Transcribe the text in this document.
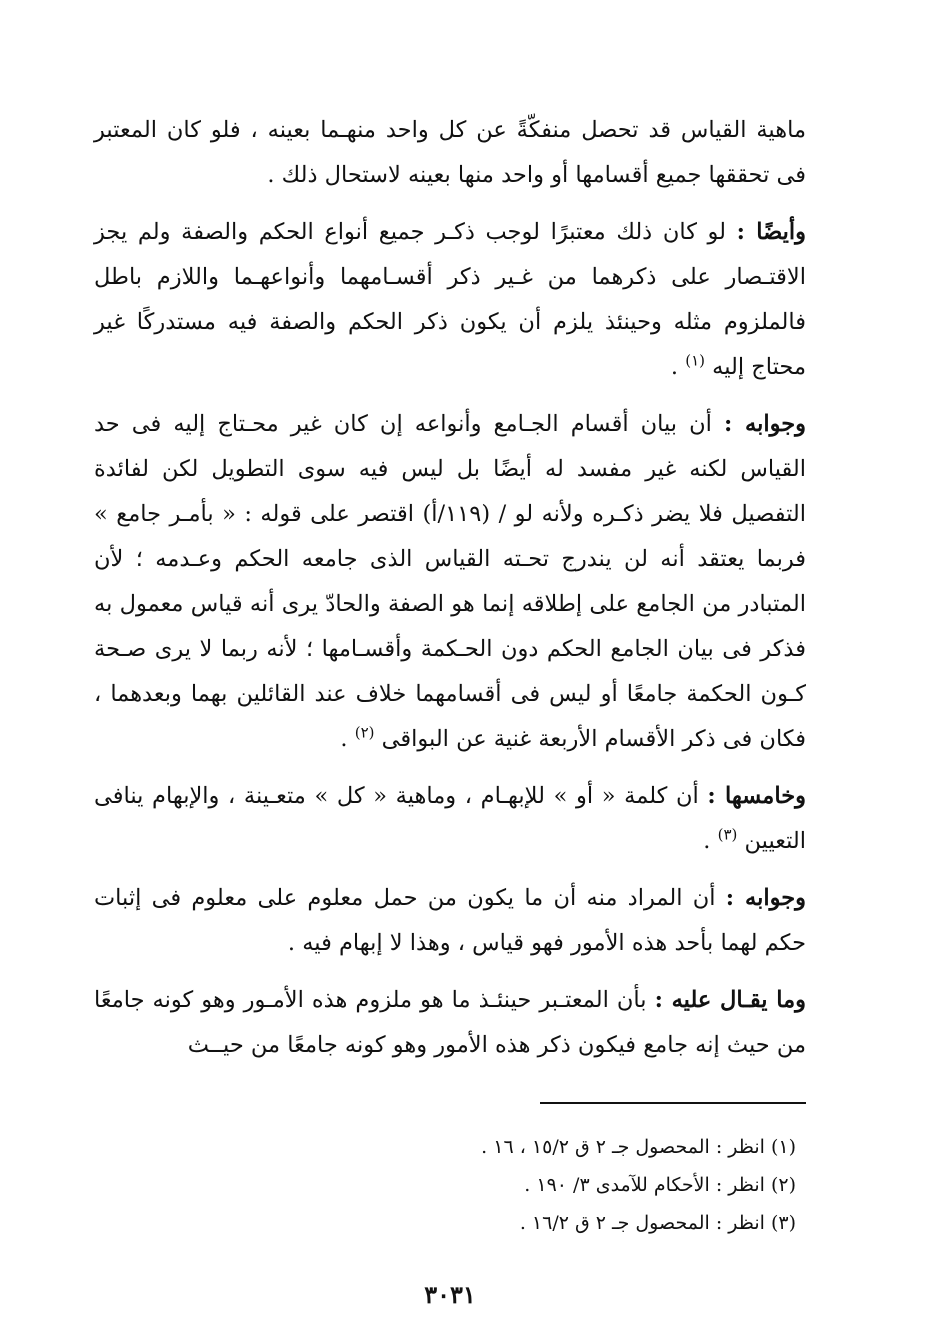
ماهية القياس قد تحصل منفكّةً عن كل واحد منهـما بعينه ، فلو كان المعتبر فى تحققها جميع أقسامها أو واحد منها بعينه لاستحال ذلك .

وأيضًا : لو كان ذلك معتبرًا لوجب ذكـر جميع أنواع الحكم والصفة ولم يجز الاقتـصار على ذكرهما من غـير ذكر أقسـامهما وأنواعهـما واللازم باطل فالملزوم مثله وحينئذ يلزم أن يكون ذكر الحكم والصفة فيه مستدركًا غير محتاج إليه $^{(١)}$ .

وجوابه : أن بيان أقسام الجـامع وأنواعه إن كان غير محـتاج إليه فى حد القياس لكنه غير مفسد له أيضًا بل ليس فيه سوى التطويل لكن لفائدة التفصيل فلا يضر ذكـره ولأنه لو / (١١٩/أ) اقتصر على قوله : « بأمـر جامع » فربما يعتقد أنه لن يندرج تحـته القياس الذى جامعه الحكم وعـدمه ؛ لأن المتبادر من الجامع على إطلاقه إنما هو الصفة والحادّ يرى أنه قياس معمول به فذكر فى بيان الجامع الحكم دون الحـكمة وأقسـامها ؛ لأنه ربما لا يرى صـحة كـون الحكمة جامعًا أو ليس فى أقسامهما خلاف عند القائلين بهما وبعدهما ، فكان فى ذكر الأقسام الأربعة غنية عن البواقى $^{(٢)}$ .

وخامسها : أن كلمة « أو » للإبهـام ، وماهية « كل » متعـينة ، والإبهام ينافى التعيين $^{(٣)}$ .

وجوابه : أن المراد منه أن ما يكون من حمل معلوم على معلوم فى إثبات حكم لهما بأحد هذه الأمور فهو قياس ، وهذا لا إبهام فيه .

وما يقـال عليه : بأن المعتـبر حينئـذ ما هو ملزوم هذه الأمـور وهو كونه جامعًا من حيث إنه جامع فيكون ذكر هذه الأمور وهو كونه جامعًا من حيــث

(١) انظر : المحصول جـ ٢ ق ١٥/٢ ، ١٦ .

(٢) انظر : الأحكام للآمدى ٣/ ١٩٠ .

(٣) انظر : المحصول جـ ٢ ق ١٦/٢ .

٣٠٣١
